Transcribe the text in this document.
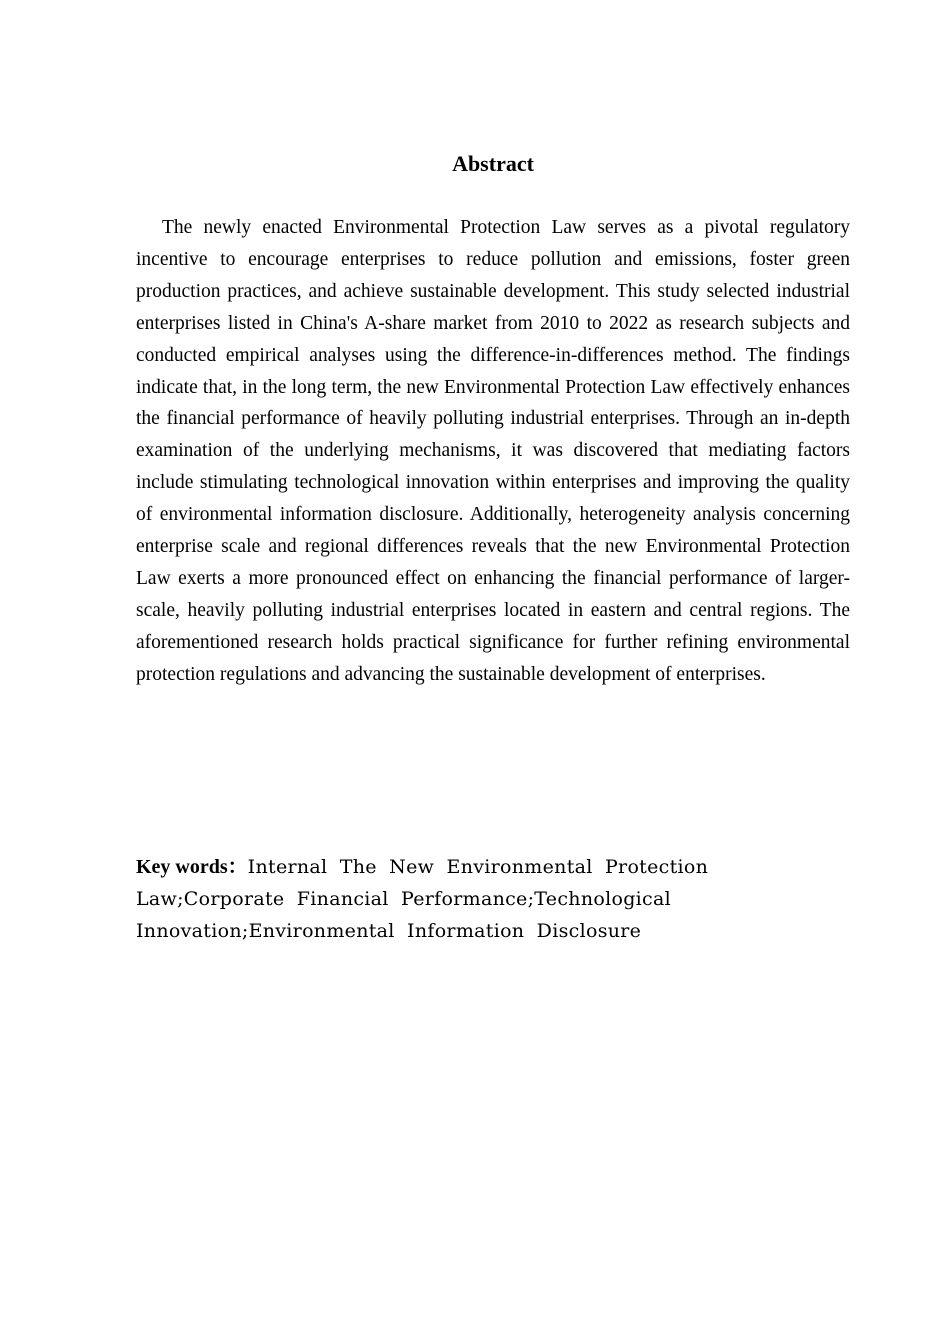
Abstract

The newly enacted Environmental Protection Law serves as a pivotal regulatory incentive to encourage enterprises to reduce pollution and emissions, foster green production practices, and achieve sustainable development. This study selected industrial enterprises listed in China's A-share market from 2010 to 2022 as research subjects and conducted empirical analyses using the difference-in-differences method. The findings indicate that, in the long term, the new Environmental Protection Law effectively enhances the financial performance of heavily polluting industrial enterprises. Through an in-depth examination of the underlying mechanisms, it was discovered that mediating factors include stimulating technological innovation within enterprises and improving the quality of environmental information disclosure. Additionally, heterogeneity analysis concerning enterprise scale and regional differences reveals that the new Environmental Protection Law exerts a more pronounced effect on enhancing the financial performance of larger-scale, heavily polluting industrial enterprises located in eastern and central regions. The aforementioned research holds practical significance for further refining environmental protection regulations and advancing the sustainable development of enterprises.

Key words：Internal The New Environmental Protection Law;Corporate Financial Performance;Technological Innovation;Environmental Information Disclosure
